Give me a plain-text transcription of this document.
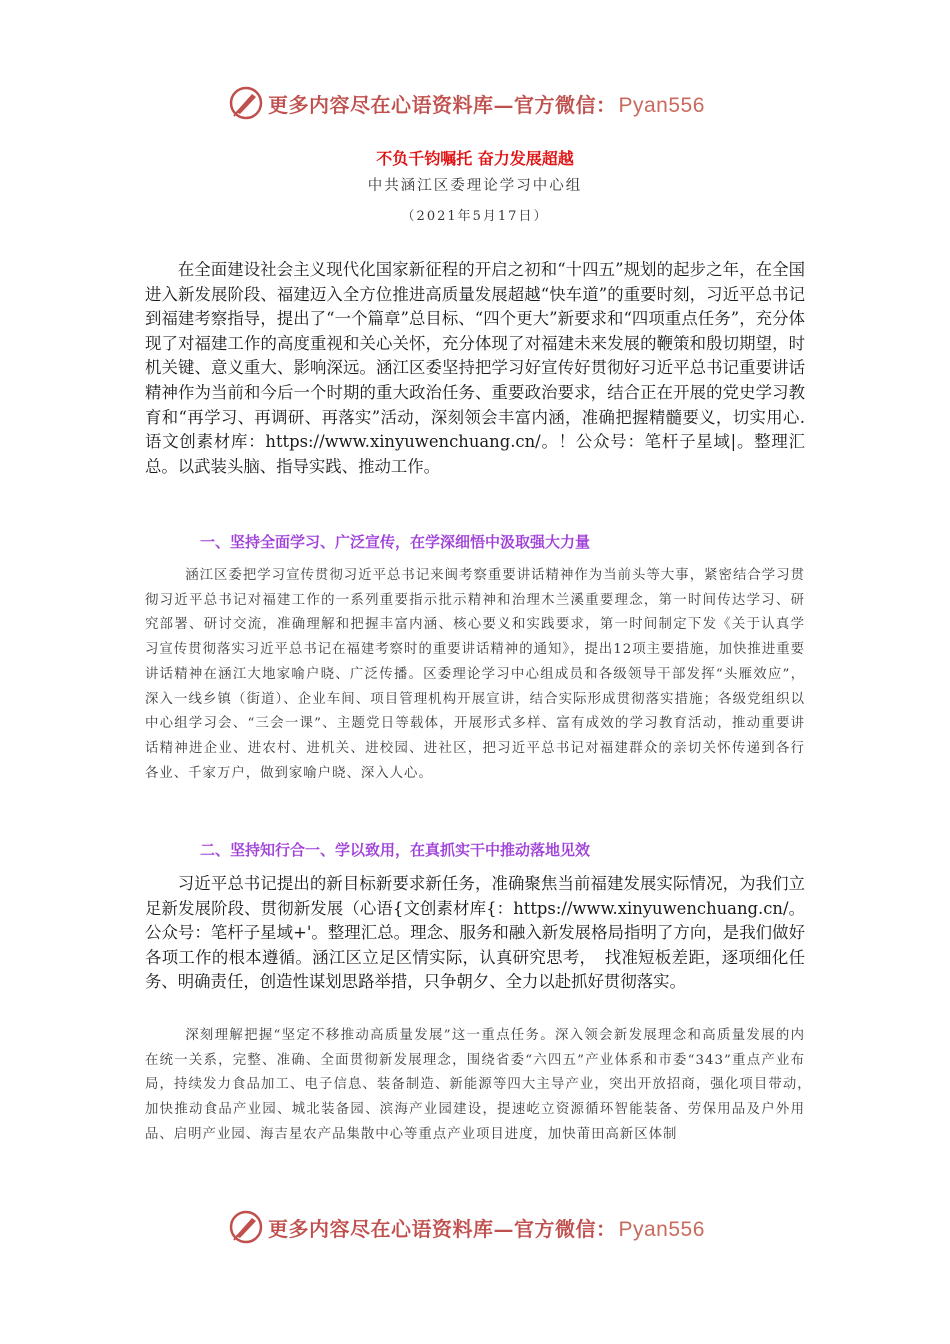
更多内容尽在心语资料库—官方微信：Pyan556
不负千钧嘱托 奋力发展超越
中共涵江区委理论学习中心组
（2021年5月17日）

在全面建设社会主义现代化国家新征程的开启之初和“十四五”规划的起步之年，在全国进入新发展阶段、福建迈入全方位推进高质量发展超越“快车道”的重要时刻，习近平总书记到福建考察指导，提出了“一个篇章”总目标、“四个更大”新要求和“四项重点任务”，充分体现了对福建工作的高度重视和关心关怀，充分体现了对福建未来发展的鞭策和殷切期望，时机关键、意义重大、影响深远。涵江区委坚持把学习好宣传好贯彻好习近平总书记重要讲话精神作为当前和今后一个时期的重大政治任务、重要政治要求，结合正在开展的党史学习教育和“再学习、再调研、再落实”活动，深刻领会丰富内涵，准确把握精髓要义，切实用心.语文创素材库：https://www.xinyuwenchuang.cn/。！公众号：笔杆子星域|。整理汇总。以武装头脑、指导实践、推动工作。

一、坚持全面学习、广泛宣传，在学深细悟中汲取强大力量

涵江区委把学习宣传贯彻习近平总书记来闽考察重要讲话精神作为当前头等大事，紧密结合学习贯彻习近平总书记对福建工作的一系列重要指示批示精神和治理木兰溪重要理念，第一时间传达学习、研究部署、研讨交流，准确理解和把握丰富内涵、核心要义和实践要求，第一时间制定下发《关于认真学习宣传贯彻落实习近平总书记在福建考察时的重要讲话精神的通知》，提出12项主要措施，加快推进重要讲话精神在涵江大地家喻户晓、广泛传播。区委理论学习中心组成员和各级领导干部发挥“头雁效应”，深入一线乡镇（街道）、企业车间、项目管理机构开展宣讲，结合实际形成贯彻落实措施；各级党组织以中心组学习会、“三会一课”、主题党日等载体，开展形式多样、富有成效的学习教育活动，推动重要讲话精神进企业、进农村、进机关、进校园、进社区，把习近平总书记对福建群众的亲切关怀传递到各行各业、千家万户，做到家喻户晓、深入人心。

二、坚持知行合一、学以致用，在真抓实干中推动落地见效

习近平总书记提出的新目标新要求新任务，准确聚焦当前福建发展实际情况，为我们立足新发展阶段、贯彻新发展（心语{文创素材库{：https://www.xinyuwenchuang.cn/。公众号：笔杆子星域+'。整理汇总。理念、服务和融入新发展格局指明了方向，是我们做好各项工作的根本遵循。涵江区立足区情实际，认真研究思考，　找准短板差距，逐项细化任务、明确责任，创造性谋划思路举措，只争朝夕、全力以赴抓好贯彻落实。

深刻理解把握“坚定不移推动高质量发展”这一重点任务。深入领会新发展理念和高质量发展的内在统一关系，完整、准确、全面贯彻新发展理念，围绕省委“六四五”产业体系和市委“343”重点产业布局，持续发力食品加工、电子信息、装备制造、新能源等四大主导产业，突出开放招商，强化项目带动，　加快推动食品产业园、城北装备园、滨海产业园建设，提速屹立资源循环智能装备、劳保用品及户外用品、启明产业园、海吉星农产品集散中心等重点产业项目进度，加快莆田高新区体制

更多内容尽在心语资料库—官方微信：Pyan556
